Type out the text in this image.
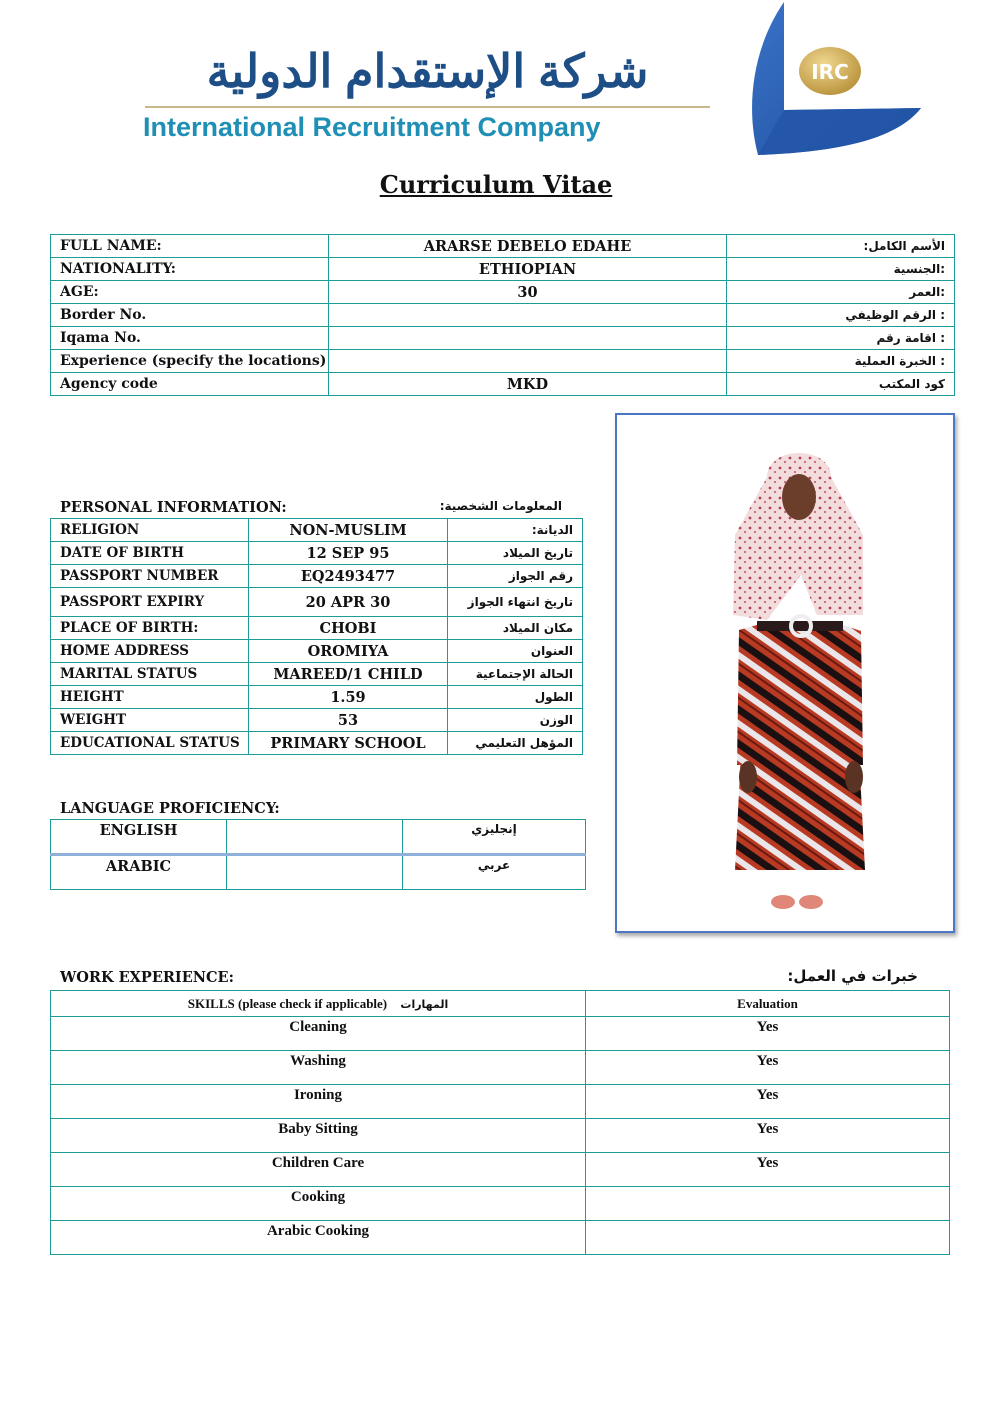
شركة الإستقدام الدولية
International Recruitment Company
IRC
Curriculum Vitae
FULL NAME:	ARARSE DEBELO EDAHE	الأسم الكامل:
NATIONALITY:	ETHIOPIAN	:الجنسية
AGE:	30	:العمر
Border No.		: الرقم الوظيفي
Iqama No.		: اقامة رقم
Experience (specify the locations)		: الخبرة العملية
Agency code	MKD	كود المكتب
PERSONAL INFORMATION:	المعلومات الشخصية:
RELIGION	NON-MUSLIM	الديانة:
DATE OF BIRTH	12 SEP 95	تاريخ الميلاد
PASSPORT NUMBER	EQ2493477	رقم الجواز
PASSPORT EXPIRY	20 APR 30	تاريخ انتهاء الجواز
PLACE OF BIRTH:	CHOBI	مكان الميلاد
HOME ADDRESS	OROMIYA	العنوان
MARITAL STATUS	MAREED/1 CHILD	الحالة الإجتماعية
HEIGHT	1.59	الطول
WEIGHT	53	الوزن
EDUCATIONAL STATUS	PRIMARY SCHOOL	المؤهل التعليمي
LANGUAGE PROFICIENCY:
ENGLISH		إنجليزي
ARABIC		عربي
WORK EXPERIENCE:	خبرات في العمل:
SKILLS (please check if applicable) المهارات	Evaluation
Cleaning	Yes
Washing	Yes
Ironing	Yes
Baby Sitting	Yes
Children Care	Yes
Cooking	
Arabic Cooking	
